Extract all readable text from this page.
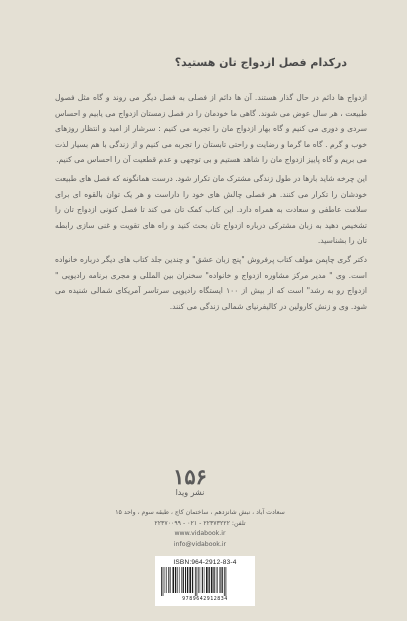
درکدام فصل ازدواج تان هستید؟

ازدواج ها دائم در حال گذار هستند. آن ها دائم از فصلی به فصل دیگر می روند و گاه مثل فصول طبیعت ، هر سال عوض می شوند. گاهی ما خودمان را در فصل زمستان ازدواج می یابیم و احساس سردی و دوری می کنیم و گاه بهار ازدواج مان را تجربه می کنیم : سرشار از امید و انتظار روزهای خوب و گرم . گاه ما گرما و رضایت و راحتی تابستان را تجربه می کنیم و از زندگی با هم بسیار لذت می بریم و گاه پاییز ازدواج مان را شاهد هستیم و بی توجهی و عدم قطعیت آن را احساس می کنیم.

این چرخه شاید بارها در طول زندگی مشترک مان تکرار شود. درست همانگونه که فصل های طبیعت خودشان را تکرار می کنند. هر فصلی چالش های خود را داراست و هر یک توان بالقوه ای برای سلامت عاطفی و سعادت به همراه دارد. این کتاب کمک تان می کند تا فصل کنونی ازدواج تان را تشخیص دهید به زبان مشترکی درباره ازدواج تان بحث کنید و راه های تقویت و غنی سازی رابطه تان را بشناسید.

دکتر گری چاپمن مولف کتاب پرفروش "پنج زبان عشق" و چندین جلد کتاب های دیگر درباره خانواده است. وی " مدیر مرکز مشاوره ازدواج و خانواده" سخنران بین المللی و مجری برنامه رادیویی " ازدواج رو به رشد" است که از بیش از ۱۰۰ ایستگاه رادیویی سرتاسر آمریکای شمالی شنیده می شود. وی و زنش کارولین در کالیفرنیای شمالی زندگی می کنند.

۱۵۶
نشر ویدا
سعادت آباد ، نبش شانزدهم ، ساختمان کاج ، طبقه سوم ، واحد ۱۵
تلفن: ۲۲۳۷۳۲۲۲ - ۰۲۱ - ۲۲۳۷۰۰۹۹
www.vidabook.ir
info@vidabook.ir
ISBN:964-2912-83-4
9789642912834
